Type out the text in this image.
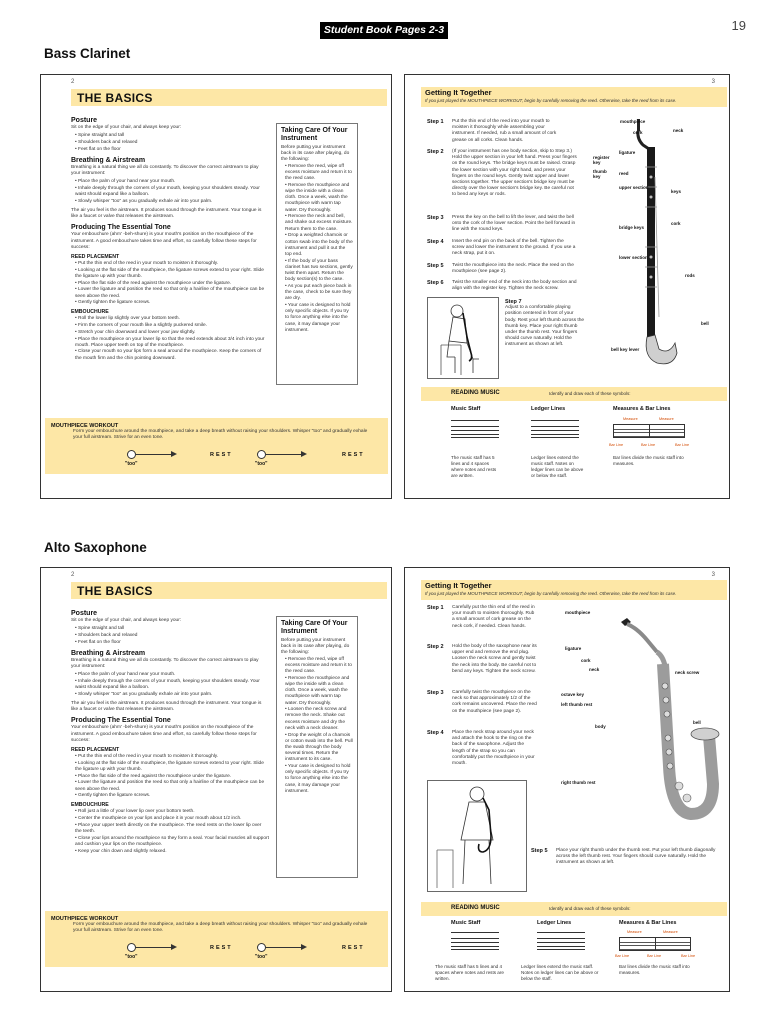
Student Book Pages 2-3	19
Bass Clarinet
Alto Saxophone
2
THE BASICS
Posture

Sit on the edge of your chair, and always keep your:

• Spine straight and tall

• Shoulders back and relaxed

• Feet flat on the floor

Breathing & Airstream

Breathing is a natural thing we all do constantly. To discover the correct airstream to play your instrument:

• Place the palm of your hand near your mouth.

• Inhale deeply through the corners of your mouth, keeping your shoulders steady. Your waist should expand like a balloon.

• Slowly whisper "too" as you gradually exhale air into your palm.

The air you feel is the airstream. It produces sound through the instrument. Your tongue is like a faucet or valve that releases the airstream.

Producing The Essential Tone

Your embouchure (ahm' -beh-shure) is your mouth's position on the mouthpiece of the instrument. A good embouchure takes time and effort, so carefully follow these steps for success:

REED PLACEMENT

• Put the thin end of the reed in your mouth to moisten it thoroughly.

• Looking at the flat side of the mouthpiece, the ligature screws extend to your right. Slide the ligature up with your thumb.

• Place the flat side of the reed against the mouthpiece under the ligature.

• Lower the ligature and position the reed so that only a hairline of the mouthpiece can be seen above the reed.

• Gently tighten the ligature screws.

EMBOUCHURE

• Roll the lower lip slightly over your bottom teeth.

• Firm the corners of your mouth like a slightly puckered smile.

• Stretch your chin downward and lower your jaw slightly.

• Place the mouthpiece on your lower lip so that the reed extends about 3/4 inch into your mouth. Place upper teeth on top of the mouthpiece.

• Close your mouth so your lips form a seal around the mouthpiece. Keep the corners of the mouth firm and the chin pointing downward.

Taking Care Of Your Instrument

Before putting your instrument back in its case after playing, do the following:

• Remove the reed, wipe off excess moisture and return it to the reed case.

• Remove the mouthpiece and wipe the inside with a clean cloth. Once a week, wash the mouthpiece with warm tap water. Dry thoroughly.

• Remove the neck and bell, and shake out excess moisture. Return them to the case.

• Drop a weighted chamois or cotton swab into the body of the instrument and pull it out the top end.

• If the body of your bass clarinet has two sections, gently twist them apart. Return the body section(s) to the case.

• As you put each piece back in the case, check to be sure they are dry.

• Your case is designed to hold only specific objects. If you try to force anything else into the case, it may damage your instrument.

MOUTHPIECE WORKOUT
Form your embouchure around the mouthpiece, and take a deep breath without raising your shoulders. Whisper "too" and gradually exhale your full airstream. Strive for an even tone.
"too"
REST
"too"
REST
2
THE BASICS
Posture

Sit on the edge of your chair, and always keep your:

• Spine straight and tall

• Shoulders back and relaxed

• Feet flat on the floor

Breathing & Airstream

Breathing is a natural thing we all do constantly. To discover the correct airstream to play your instrument:

• Place the palm of your hand near your mouth.

• Inhale deeply through the corners of your mouth, keeping your shoulders steady. Your waist should expand like a balloon.

• Slowly whisper "too" as you gradually exhale air into your palm.

The air you feel is the airstream. It produces sound through the instrument. Your tongue is like a faucet or valve that releases the airstream.

Producing The Essential Tone

Your embouchure (ahm' -beh-shure) is your mouth's position on the mouthpiece of the instrument. A good embouchure takes time and effort, so carefully follow these steps for success:

REED PLACEMENT

• Put the thin end of the reed in your mouth to moisten it thoroughly.

• Looking at the flat side of the mouthpiece, the ligature screws extend to your right. Slide the ligature up with your thumb.

• Place the flat side of the reed against the mouthpiece under the ligature.

• Lower the ligature and position the reed so that only a hairline of the mouthpiece can be seen above the reed.

• Gently tighten the ligature screws.

EMBOUCHURE

• Roll just a little of your lower lip over your bottom teeth.

• Center the mouthpiece on your lips and place it in your mouth about 1/2 inch.

• Place your upper teeth directly on the mouthpiece. The reed rests on the lower lip over the teeth.

• Close your lips around the mouthpiece so they form a seal. Your facial muscles all support and cushion your lips on the mouthpiece.

• Keep your chin down and slightly relaxed.

Taking Care Of Your Instrument

Before putting your instrument back in its case after playing, do the following:

• Remove the reed, wipe off excess moisture and return it to the reed case.

• Remove the mouthpiece and wipe the inside with a clean cloth. Once a week, wash the mouthpiece with warm tap water. Dry thoroughly.

• Loosen the neck screw and remove the neck. Shake out excess moisture and dry the neck with a neck cleaner.

• Drop the weight of a chamois or cotton swab into the bell. Pull the swab through the body several times. Return the instrument to its case.

• Your case is designed to hold only specific objects. If you try to force anything else into the case, it may damage your instrument.

MOUTHPIECE WORKOUT
Form your embouchure around the mouthpiece, and take a deep breath without raising your shoulders. Whisper "too" and gradually exhale your full airstream. Strive for an even tone.
"too"
REST
"too"
REST
3
Getting It Together
If you just played the MOUTHPIECE WORKOUT, begin by carefully removing the reed. Otherwise, take the reed from its case.
Step 1 Put the thin end of the reed into your mouth to moisten it thoroughly while assembling your instrument. If needed, rub a small amount of cork grease on all corks. Clean hands.
Step 2 (If your instrument has one body section, skip to Step 3.) Hold the upper section in your left hand. Press your fingers on the round keys. The bridge keys must be raised. Grasp the lower section with your right hand, and press your fingers on the round keys. Gently twist upper and lower sections together. The upper section's bridge key must be directly over the lower section's bridge key. Be careful not to bend any keys or rods.
Step 3 Press the key on the bell to lift the lever, and twist the bell onto the cork of the lower section. Point the bell forward in line with the round keys.
Step 4 Insert the end pin on the back of the bell. Tighten the screw and lower the instrument to the ground. If you use a neck strap, put it on.
Step 5 Twist the mouthpiece into the neck. Place the reed on the mouthpiece (see page 2).
Step 6 Twist the smaller end of the neck into the body section and align with the register key. Tighten the neck screw.
Step 7
Adjust to a comfortable playing position centered in front of your body. Rest your left thumb across the thumb key. Place your right thumb under the thumb rest. Your fingers should curve naturally. Hold the instrument as shown at left.
mouthpiece
cork
ligature
neck
register key
thumb key
reed
upper section
keys
bridge keys
cork
lower section
rods
bell
bell key lever
READING MUSIC	Identify and draw each of these symbols:
Music Staff
The music staff has 5 lines and 4 spaces where notes and rests are written.
Ledger Lines
Ledger lines extend the music staff. Notes on ledger lines can be above or below the staff.
Measures & Bar Lines
Measure	Measure
Bar Line	Bar Line	Bar Line
Bar lines divide the music staff into measures.
3
Getting It Together
If you just played the MOUTHPIECE WORKOUT, begin by carefully removing the reed. Otherwise, take the reed from its case.
Step 1 Carefully put the thin end of the reed in your mouth to moisten thoroughly. Rub a small amount of cork grease on the neck cork, if needed. Clean hands.
Step 2 Hold the body of the saxophone near its upper end and remove the end plug. Loosen the neck screw and gently twist the neck into the body. Be careful not to bend any keys. Tighten the neck screw.
Step 3 Carefully twist the mouthpiece on the neck so that approximately 1/2 of the cork remains uncovered. Place the reed on the mouthpiece (see page 2).
Step 4 Place the neck strap around your neck and attach the hook to the ring on the back of the saxophone. Adjust the length of the strap so you can comfortably put the mouthpiece in your mouth.
mouthpiece
ligature
cork
neck
neck screw
octave key
left thumb rest
body
bell
right thumb rest
Step 5 Place your right thumb under the thumb rest. Put your left thumb diagonally across the left thumb rest. Your fingers should curve naturally. Hold the instrument as shown at left.
READING MUSIC	Identify and draw each of these symbols:
Music Staff
The music staff has 5 lines and 4 spaces where notes and rests are written.
Ledger Lines
Ledger lines extend the music staff. Notes on ledger lines can be above or below the staff.
Measures & Bar Lines
Measure	Measure
Bar Line	Bar Line	Bar Line
Bar lines divide the music staff into measures.
